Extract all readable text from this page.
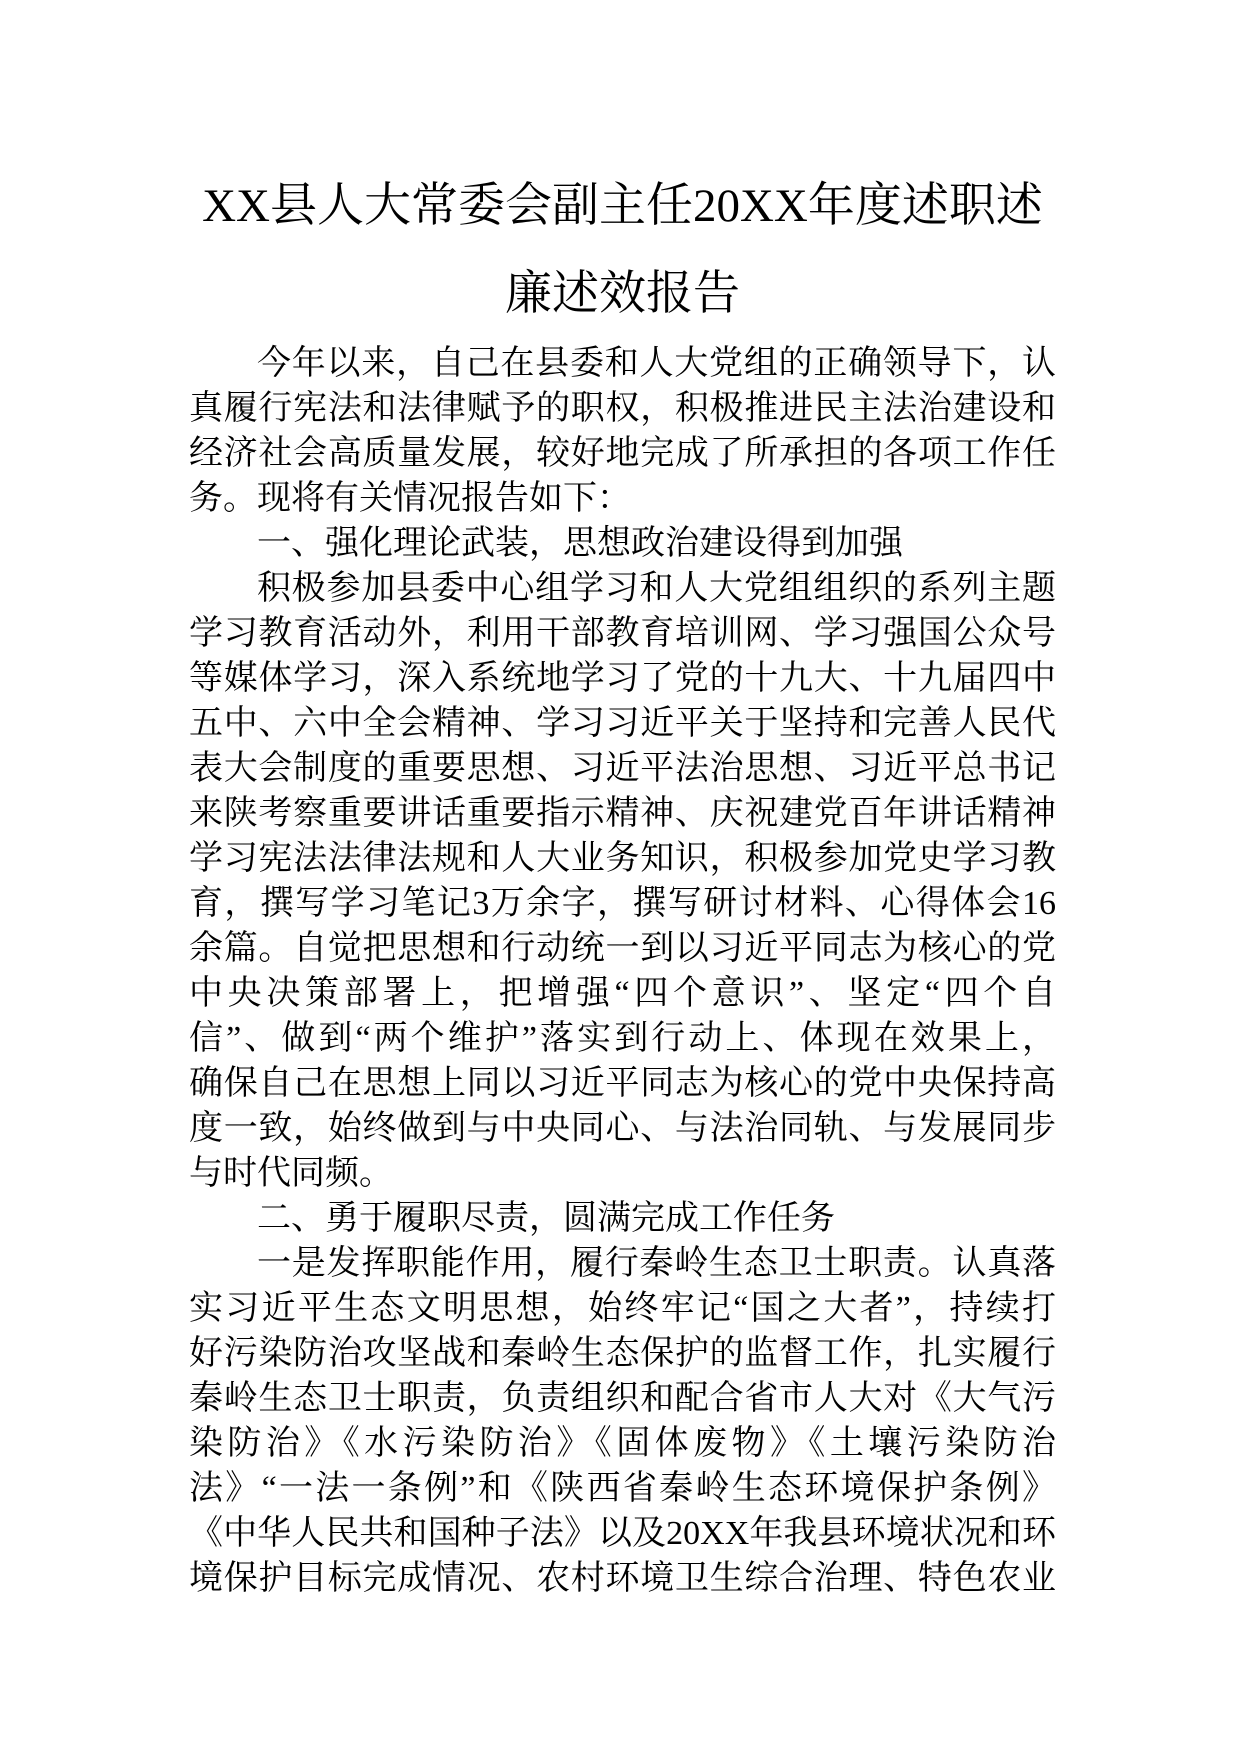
XX县人大常委会副主任20XX年度述职述
廉述效报告
今年以来，自己在县委和人大党组的正确领导下，认
真履行宪法和法律赋予的职权，积极推进民主法治建设和
经济社会高质量发展，较好地完成了所承担的各项工作任
务。现将有关情况报告如下：
一、强化理论武装，思想政治建设得到加强
积极参加县委中心组学习和人大党组组织的系列主题
学习教育活动外，利用干部教育培训网、学习强国公众号
等媒体学习，深入系统地学习了党的十九大、十九届四中
五中、六中全会精神、学习习近平关于坚持和完善人民代
表大会制度的重要思想、习近平法治思想、习近平总书记
来陕考察重要讲话重要指示精神、庆祝建党百年讲话精神
学习宪法法律法规和人大业务知识，积极参加党史学习教
育，撰写学习笔记3万余字，撰写研讨材料、心得体会16
余篇。自觉把思想和行动统一到以习近平同志为核心的党
中央决策部署上，把增强“四个意识”、坚定“四个自
信”、做到“两个维护”落实到行动上、体现在效果上，
确保自己在思想上同以习近平同志为核心的党中央保持高
度一致，始终做到与中央同心、与法治同轨、与发展同步
与时代同频。
二、勇于履职尽责，圆满完成工作任务
一是发挥职能作用，履行秦岭生态卫士职责。认真落
实习近平生态文明思想，始终牢记“国之大者”，持续打
好污染防治攻坚战和秦岭生态保护的监督工作，扎实履行
秦岭生态卫士职责，负责组织和配合省市人大对《大气污
染防治》《水污染防治》《固体废物》《土壤污染防治
法》“一法一条例”和《陕西省秦岭生态环境保护条例》
《中华人民共和国种子法》以及20XX年我县环境状况和环
境保护目标完成情况、农村环境卫生综合治理、特色农业
